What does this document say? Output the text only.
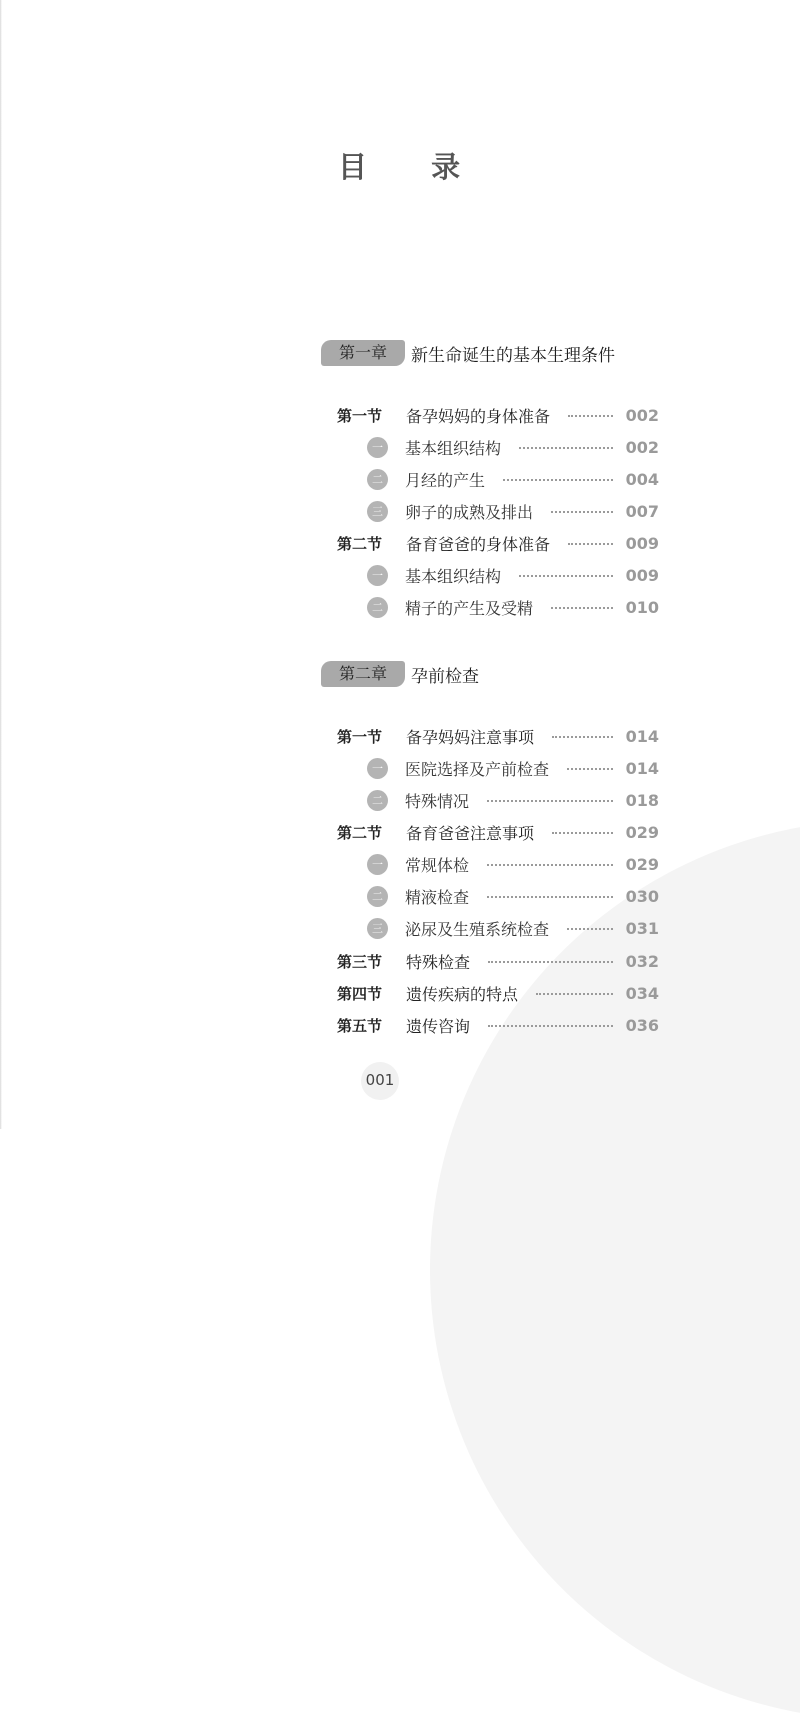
目 录
第一章	新生命诞生的基本生理条件
第一节	备孕妈妈的身体准备	002
一	基本组织结构	002
二	月经的产生	004
三	卵子的成熟及排出	007
第二节	备育爸爸的身体准备	009
一	基本组织结构	009
二	精子的产生及受精	010
第二章	孕前检查
第一节	备孕妈妈注意事项	014
一	医院选择及产前检查	014
二	特殊情况	018
第二节	备育爸爸注意事项	029
一	常规体检	029
二	精液检查	030
三	泌尿及生殖系统检查	031
第三节	特殊检查	032
第四节	遗传疾病的特点	034
第五节	遗传咨询	036
001
